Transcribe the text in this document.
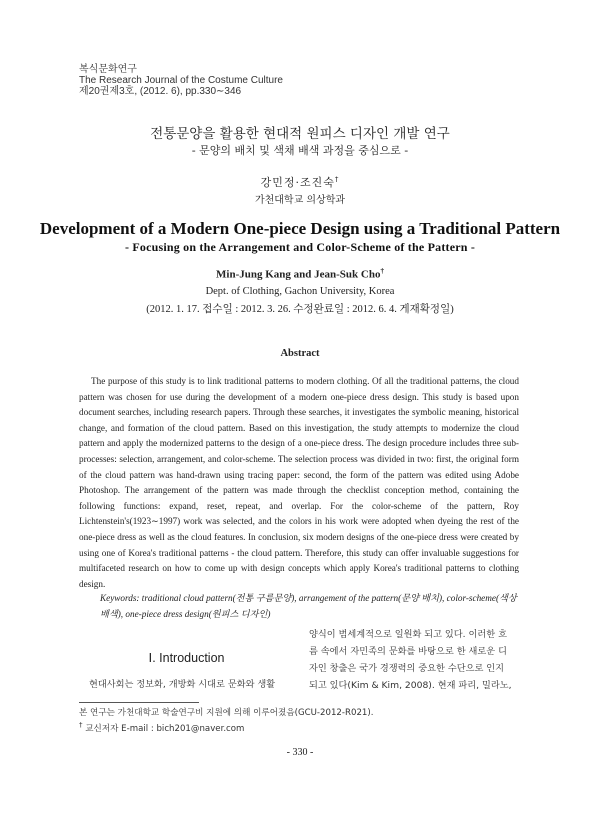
복식문화연구
The Research Journal of the Costume Culture
제20권제3호, (2012. 6), pp.330∼346
전통문양을 활용한 현대적 원피스 디자인 개발 연구
- 문양의 배치 및 색채 배색 과정을 중심으로 -
강민정·조진숙†
가천대학교 의상학과
Development of a Modern One-piece Design using a Traditional Pattern
- Focusing on the Arrangement and Color-Scheme of the Pattern -
Min-Jung Kang and Jean-Suk Cho†
Dept. of Clothing, Gachon University, Korea
(2012. 1. 17. 접수일 : 2012. 3. 26. 수정완료일 : 2012. 6. 4. 게재확정일)
Abstract
The purpose of this study is to link traditional patterns to modern clothing. Of all the traditional patterns, the cloud pattern was chosen for use during the development of a modern one-piece dress design. This study is based upon document searches, including research papers. Through these searches, it investigates the symbolic meaning, historical change, and formation of the cloud pattern. Based on this investigation, the study attempts to modernize the cloud pattern and apply the modernized patterns to the design of a one-piece dress. The design procedure includes three sub-processes: selection, arrangement, and color-scheme. The selection process was divided in two: first, the original form of the cloud pattern was hand-drawn using tracing paper: second, the form of the pattern was edited using Adobe Photoshop. The arrangement of the pattern was made through the checklist conception method, containing the following functions: expand, reset, repeat, and overlap. For the color-scheme of the pattern, Roy Lichtenstein's(1923∼1997) work was selected, and the colors in his work were adopted when dyeing the rest of the one-piece dress as well as the cloud features. In conclusion, six modern designs of the one-piece dress were created by using one of Korea's traditional patterns - the cloud pattern. Therefore, this study can offer invaluable suggestions for multifaceted research on how to come up with design concepts which apply Korea's traditional patterns to clothing design.
Keywords: traditional cloud pattern(전통 구름문양), arrangement of the pattern(문양 배치), color-scheme(색상 배색), one-piece dress design(원피스 디자인)
Ⅰ. Introduction
현대사회는 정보화, 개방화 시대로 문화와 생활
양식이 범세계적으로 일원화 되고 있다. 이러한 흐
름 속에서 자민족의 문화를 바탕으로 한 새로운 디
자인 창출은 국가 경쟁력의 중요한 수단으로 인지
되고 있다(Kim & Kim, 2008). 현재 파리, 밀라노,
본 연구는 가천대학교 학술연구비 지원에 의해 이루어졌음(GCU-2012-R021).
† 교신저자 E-mail : bich201@naver.com
- 330 -
